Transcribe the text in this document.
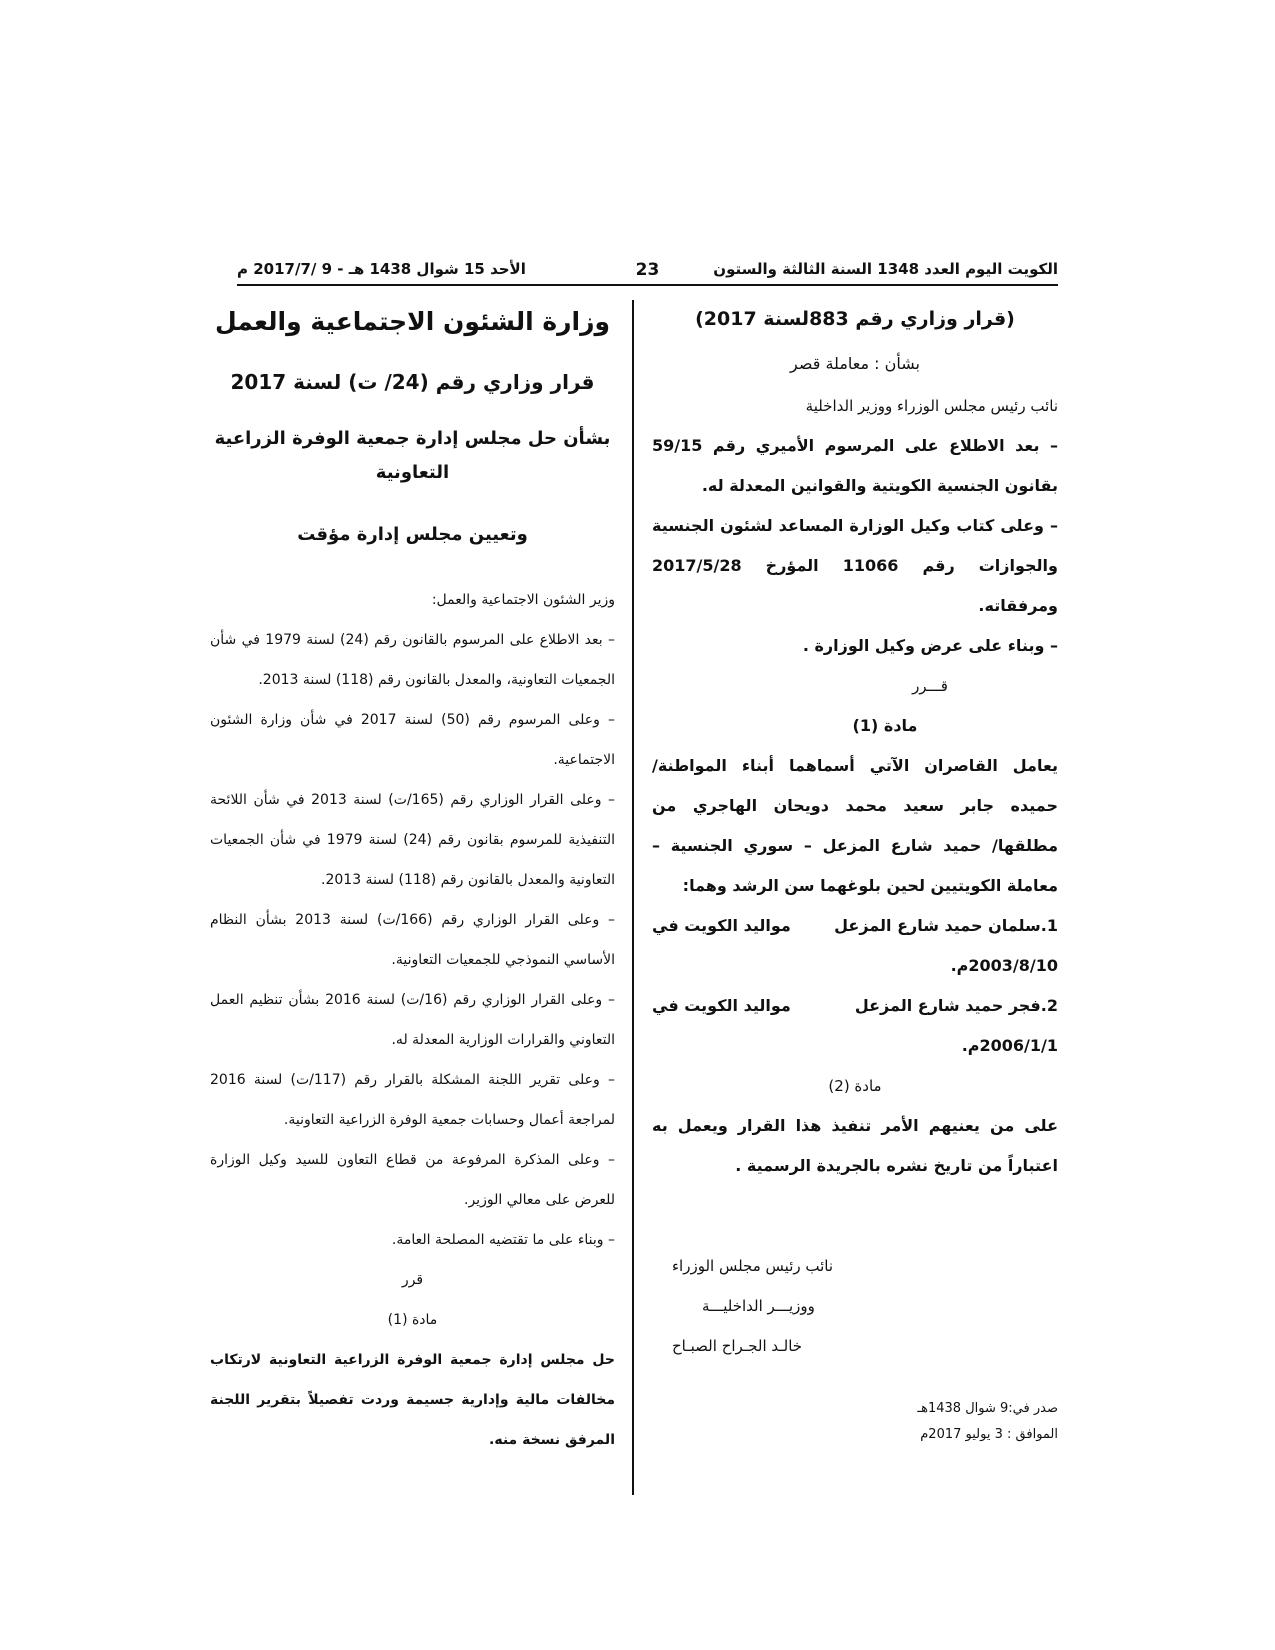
الكويت اليوم العدد 1348 السنة الثالثة والستون
23
الأحد 15 شوال 1438 هـ - 9 /2017/7 م

(قرار وزاري رقم 883لسنة 2017)

بشأن : معاملة قصر

نائب رئيس مجلس الوزراء ووزير الداخلية

– بعد الاطلاع على المرسوم الأميري رقم 59/15 بقانون الجنسية الكويتية والقوانين المعدلة له.

– وعلى كتاب وكيل الوزارة المساعد لشئون الجنسية والجوازات رقم 11066 المؤرخ 2017/5/28 ومرفقاته.

– وبناء على عرض وكيل الوزارة .

قـــرر

مادة (1)

يعامل القاصران الآتي أسماهما أبناء المواطنة/ حميده جابر سعيد محمد دويحان الهاجري من مطلقها/ حميد شارع المزعل – سوري الجنسية – معاملة الكويتيين لحين بلوغهما سن الرشد وهما:

1.سلمان حميد شارع المزعل
مواليد الكويت في

2003/8/10م.

2.فجر حميد شارع المزعل
مواليد الكويت في

2006/1/1م.

مادة (2)

على من يعنيهم الأمر تنفيذ هذا القرار ويعمل به اعتباراً من تاريخ نشره بالجريدة الرسمية .

نائب رئيس مجلس الوزراء

ووزيـــر الداخليـــة

خالـد الجـراح الصبـاح

صدر في:9 شوال 1438هـ

الموافق : 3 يوليو 2017م

وزارة الشئون الاجتماعية والعمل

قرار وزاري رقم (24/ ت) لسنة 2017

بشأن حل مجلس إدارة جمعية الوفرة الزراعية التعاونية

وتعيين مجلس إدارة مؤقت

وزير الشئون الاجتماعية والعمل:

– بعد الاطلاع على المرسوم بالقانون رقم (24) لسنة 1979 في شأن الجمعيات التعاونية، والمعدل بالقانون رقم (118) لسنة 2013.

– وعلى المرسوم رقم (50) لسنة 2017 في شأن وزارة الشئون الاجتماعية.

– وعلى القرار الوزاري رقم (165/ت) لسنة 2013 في شأن اللائحة التنفيذية للمرسوم بقانون رقم (24) لسنة 1979 في شأن الجمعيات التعاونية والمعدل بالقانون رقم (118) لسنة 2013.

– وعلى القرار الوزاري رقم (166/ت) لسنة 2013 بشأن النظام الأساسي النموذجي للجمعيات التعاونية.

– وعلى القرار الوزاري رقم (16/ت) لسنة 2016 بشأن تنظيم العمل التعاوني والقرارات الوزارية المعدلة له.

– وعلى تقرير اللجنة المشكلة بالقرار رقم (117/ت) لسنة 2016 لمراجعة أعمال وحسابات جمعية الوفرة الزراعية التعاونية.

– وعلى المذكرة المرفوعة من قطاع التعاون للسيد وكيل الوزارة للعرض على معالي الوزير.

– وبناء على ما تقتضيه المصلحة العامة.

قرر

مادة (1)

حل مجلس إدارة جمعية الوفرة الزراعية التعاونية لارتكاب مخالفات مالية وإدارية جسيمة وردت تفصيلاً بتقرير اللجنة المرفق نسخة منه.
